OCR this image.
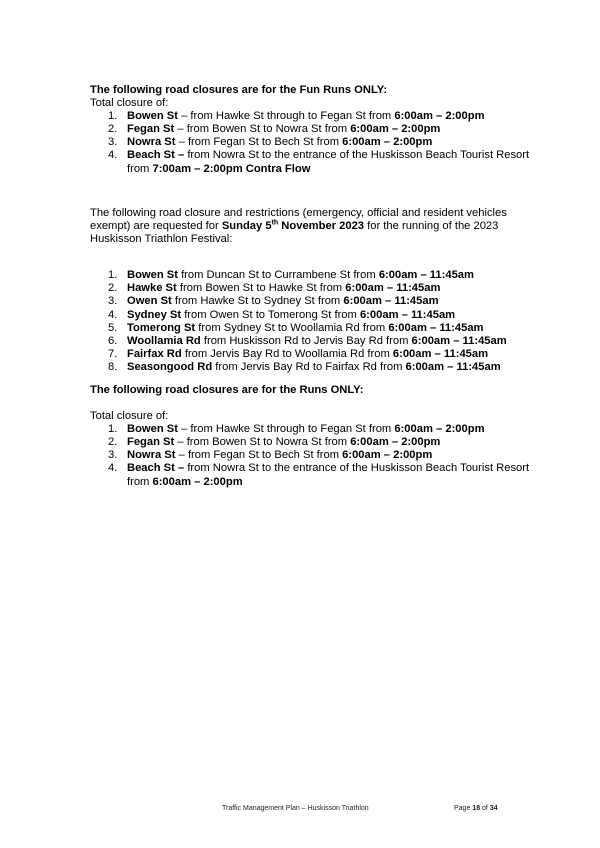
The following road closures are for the Fun Runs ONLY:

Total closure of:

1. Bowen St – from Hawke St through to Fegan St from 6:00am – 2:00pm
2. Fegan St – from Bowen St to Nowra St from 6:00am – 2:00pm
3. Nowra St – from Fegan St to Bech St from 6:00am – 2:00pm
4. Beach St – from Nowra St to the entrance of the Huskisson Beach Tourist Resort from 7:00am – 2:00pm Contra Flow

The following road closure and restrictions (emergency, official and resident vehicles exempt) are requested for Sunday 5th November 2023 for the running of the 2023 Huskisson Triathlon Festival:

1. Bowen St from Duncan St to Currambene St from 6:00am – 11:45am
2. Hawke St from Bowen St to Hawke St from 6:00am – 11:45am
3. Owen St from Hawke St to Sydney St from 6:00am – 11:45am
4. Sydney St from Owen St to Tomerong St from 6:00am – 11:45am
5. Tomerong St from Sydney St to Woollamia Rd from 6:00am – 11:45am
6. Woollamia Rd from Huskisson Rd to Jervis Bay Rd from 6:00am – 11:45am
7. Fairfax Rd from Jervis Bay Rd to Woollamia Rd from 6:00am – 11:45am
8. Seasongood Rd from Jervis Bay Rd to Fairfax Rd from 6:00am – 11:45am

The following road closures are for the Runs ONLY:

Total closure of:

1. Bowen St – from Hawke St through to Fegan St from 6:00am – 2:00pm
2. Fegan St – from Bowen St to Nowra St from 6:00am – 2:00pm
3. Nowra St – from Fegan St to Bech St from 6:00am – 2:00pm
4. Beach St – from Nowra St to the entrance of the Huskisson Beach Tourist Resort from 6:00am – 2:00pm
Traffic Management Plan – Huskisson Triathlon	Page 18 of 34
